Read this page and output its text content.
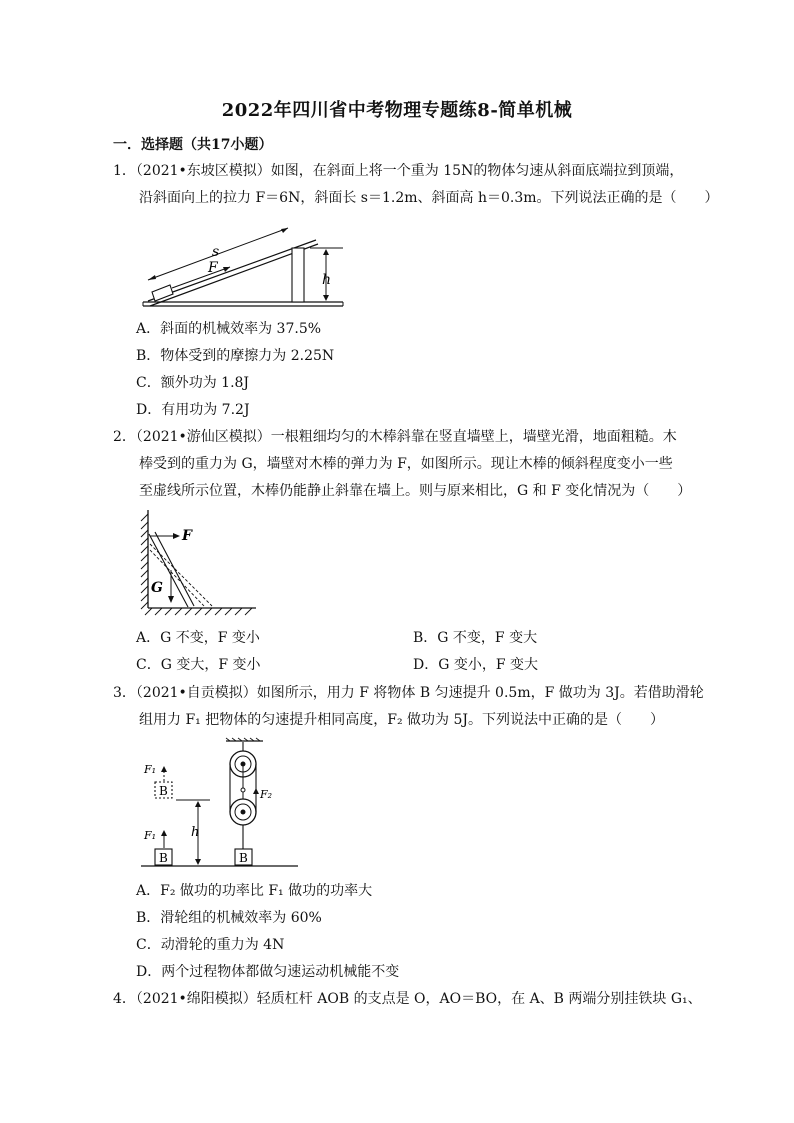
2022年四川省中考物理专题练8-简单机械
一．选择题（共17小题）
1．（2021•东坡区模拟）如图，在斜面上将一个重为 15N的物体匀速从斜面底端拉到顶端，
沿斜面向上的拉力 F＝6N，斜面长 s＝1.2m、斜面高 h＝0.3m。下列说法正确的是（　　）
s
F
h
A．斜面的机械效率为 37.5%
B．物体受到的摩擦力为 2.25N
C．额外功为 1.8J
D．有用功为 7.2J
2．（2021•游仙区模拟）一根粗细均匀的木棒斜靠在竖直墙壁上，墙壁光滑，地面粗糙。木
棒受到的重力为 G，墙壁对木棒的弹力为 F，如图所示。现让木棒的倾斜程度变小一些
至虚线所示位置，木棒仍能静止斜靠在墙上。则与原来相比，G 和 F 变化情况为（　　）
F
G
A．G 不变，F 变小	B．G 不变，F 变大
C．G 变大，F 变小	D．G 变小，F 变大
3．（2021•自贡模拟）如图所示，用力 F 将物体 B 匀速提升 0.5m，F 做功为 3J。若借助滑轮
组用力 F₁ 把物体的匀速提升相同高度，F₂ 做功为 5J。下列说法中正确的是（　　）
F₁
B
F₁	h
B
F₂
B
A．F₂ 做功的功率比 F₁ 做功的功率大
B．滑轮组的机械效率为 60%
C．动滑轮的重力为 4N
D．两个过程物体都做匀速运动机械能不变
4．（2021•绵阳模拟）轻质杠杆 AOB 的支点是 O，AO＝BO，在 A、B 两端分别挂铁块 G₁、
